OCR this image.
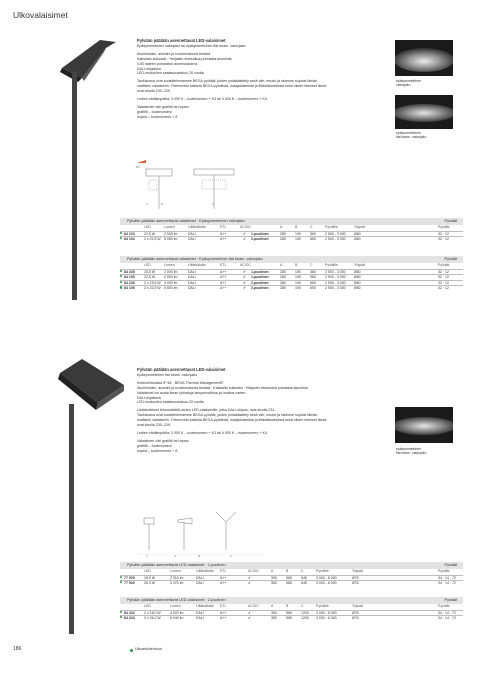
Ulkovalaisimet

Pylvään päälään asennettavat LED-valaisimet

Epäsymmetrinen valonjako tai epäsymmetrinen flat beam -valonjako

Alumiinivalu, alumiini ja ruostumatonta terästä

Kaksiaitu suikulasi · Heijastin eloksoitua puhdasta alumiinia

0-60 asteen porrasttun asennuskulma

DALI-ohjattava

LED-moduulien saatavuustakuu 20 vuotta

Taulukossa ovat suosittelemamme BEGA-pylväät, joiden pintakäsittely sekä väri, muoto ja rakenne sopivat tämän

mallisten valaisimiin. Yhteenveto kaikista BEGA-pylväistä, maajaloisteista ja liitäntäkoteloista sekä niiden tekniset tiedot

ovat sivulla 230–239.

Ledien värilämpötila: 3 000 K – tuotenumero + K3 tai 4 000 K – tuotenumero + K4

Valaisimen väri grafiitti tai hopea

grafiitti – tuotenumero

hopea – tuotenumero + A

epäsymmetrinen
valonjako
epäsymmetrinen
flat beam -valonjako
60°
A	B	C
Pylvään päälään asennettavat valaisimet · Epäsymmetrinen valonjako	Pylväät
LED	Lumen	Liitäntälaite	ETL	AC/DC	A	B	C	Pylväille	Yläpää	Pylväät
84 103	22,5 W	2 505 lm	DALI	A++	✔ 1-puolinen	280	190	360	2 500 - 3 000 Ø60	32 · 12
84 104	2 x 22,5 W 5 050 lm	DALI	A++	✔ 2-puolinen	280	190	650	2 500 - 3 000 Ø60	32 · 12
Pylvään päälään asennettavat valaisimet · Epäsymmetrinen flat beam -valonjako	Pylväät
LED	Lumen	Liitäntälaite	ETL	AC/DC	A	B	C	Pylväille	Yläpää	Pylväät
84 245	15,5 W	2 000 lm	DALI	A++	✔ 1-puolinen	280	190	360	2 500 - 3 000 Ø60	32 · 12
84 105	22,5 W	2 900 lm	DALI	A++	✔ 1-puolinen	280	190	360	2 500 - 3 000 Ø60	32 · 12
84 246	2 x 15,5 W 4 000 lm	DALI	A++	✔ 2-puolinen	280	190	650	2 500 - 3 000 Ø60	32 · 12
84 106	2 x 22,5 W 5 800 lm	DALI	A++	✔ 2-puolinen	280	190	650	2 500 - 3 000 Ø60	32 · 12

Pylvään päälään asennettavat LED-valaisimet

Epäsymmetrinen flat beam -valonjako

Kotelointiluokka IP 66 · BEGA Thermal Management®

Alumiinivalu, alumiini ja ruostumatonta terästä · Kaksiaitu suikulasi · Heijastin eloksoitua puhdasta alumiinia

Valaisimet voi avata ilman työkaluja lampunvaihtoa ja huoltoa varten.

DALI-ohjattava

LED-moduulien saatavuustakuu 20 vuotta

Lisätarvikkeet tehonsäätöä varten LED-valaisimille, jotka DALI-ohjaus, ovat sivulla 231.

Taulukossa ovat suosittelemamme BEGA-pylväät, joiden pintakäsittely sekä väri, muoto ja rakenne sopivat tämän

mallisten valaisimiin. Yhteenveto kaikista BEGA-pylväistä, maajaloisteista ja liitäntäkoteloista sekä niiden tekniset tiedot

ovat sivulla 230–239.

Ledien värilämpötila: 3 000 K – tuotenumero + K3 tai 4 000 K – tuotenumero + K4

Valaisimen väri grafiitti tai hopea

grafiitti – tuotenumero

hopea – tuotenumero + A	epäsymmetrinen
flat beam -valonjako
C	A	B	C
Pylvään päälään asennettavat LED-valaisimet · 1-puolinen	Pylväät
LED	Lumen	Liitäntälaite ETL	AC/DC	A	B	C	Pylväille	Yläpää	Pylväät
77 929	18,0 W	2 310 lm	DALI	A++	✔	350	565	645	3 000 - 6 000	Ø76	34 · 14 · 72
77 930	26,0 W	3 470 lm	DALI	A++	✔	350	565	645	3 000 - 6 000	Ø76	34 · 14 · 72
Pylvään päälään asennettavat LED-valaisimet · 2-puolinen	Pylväät
LED	Lumen	Liitäntälaite ETL	AC/DC	A	B	C	Pylväille	Yläpää	Pylväät
84 242	2 x 18,0 W	4 620 lm	DALI	A++	✔	350	565	1200 3 000 - 6 000	Ø76	34 · 14 · 72
84 243	2 x 26,0 W	6 940 lm	DALI	A++	✔	350	565	1200 3 000 - 6 000	Ø76	34 · 14 · 72
186	Ulkoarkkitehtuuri
